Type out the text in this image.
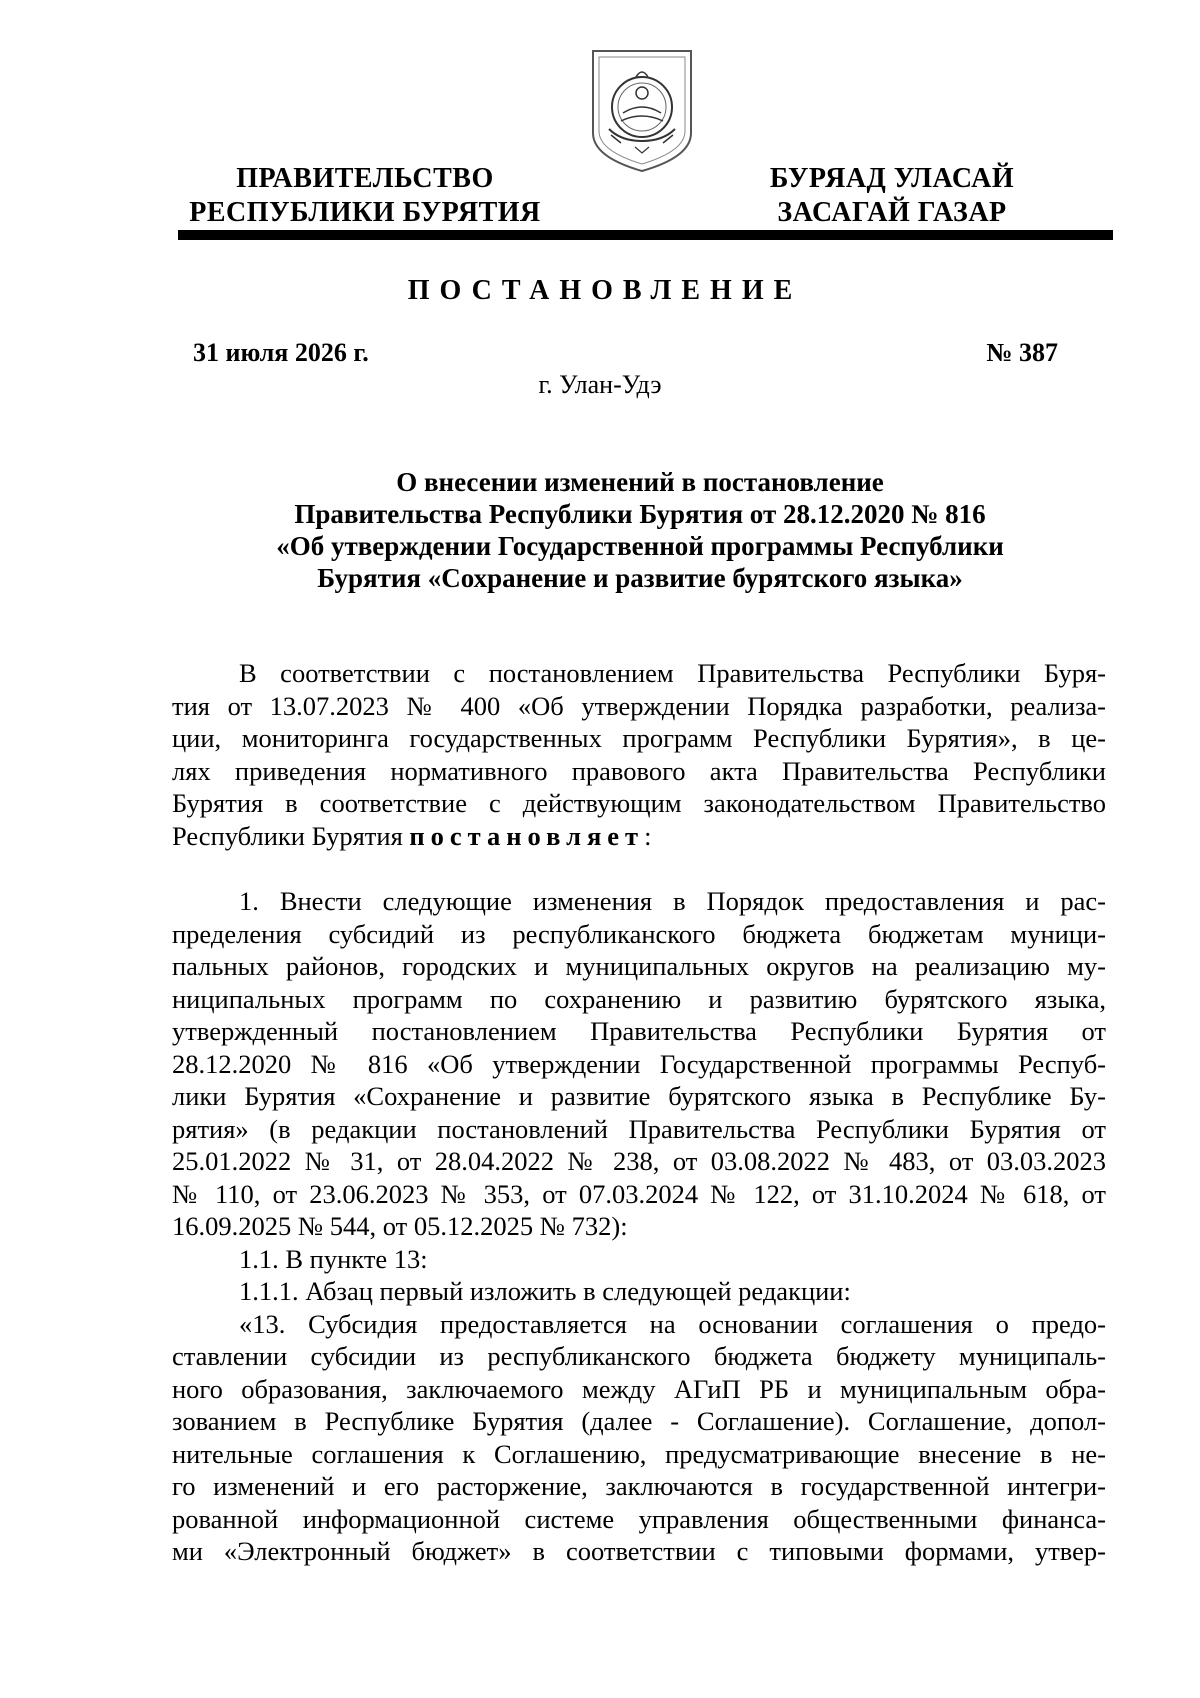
ПРАВИТЕЛЬСТВО
РЕСПУБЛИКИ БУРЯТИЯ
БУРЯАД УЛАСАЙ
ЗАСАГАЙ ГАЗАР
ПОСТАНОВЛЕНИЕ
31 июля 2026 г.	№ 387
г. Улан-Удэ
О внесении изменений в постановление
Правительства Республики Бурятия от 28.12.2020 № 816
«Об утверждении Государственной программы Республики
Бурятия «Сохранение и развитие бурятского языка»
В соответствии с постановлением Правительства Республики Буря-
тия от 13.07.2023 № 400 «Об утверждении Порядка разработки, реализа-
ции, мониторинга государственных программ Республики Бурятия», в це-
лях приведения нормативного правового акта Правительства Республики
Бурятия в соответствие с действующим законодательством Правительство
Республики Бурятия постановляет:
1. Внести следующие изменения в Порядок предоставления и рас-
пределения субсидий из республиканского бюджета бюджетам муници-
пальных районов, городских и муниципальных округов на реализацию му-
ниципальных программ по сохранению и развитию бурятского языка,
утвержденный постановлением Правительства Республики Бурятия от
28.12.2020 № 816 «Об утверждении Государственной программы Респуб-
лики Бурятия «Сохранение и развитие бурятского языка в Республике Бу-
рятия» (в редакции постановлений Правительства Республики Бурятия от
25.01.2022 № 31, от 28.04.2022 № 238, от 03.08.2022 № 483, от 03.03.2023
№ 110, от 23.06.2023 № 353, от 07.03.2024 № 122, от 31.10.2024 № 618, от
16.09.2025 № 544, от 05.12.2025 № 732):
1.1. В пункте 13:
1.1.1. Абзац первый изложить в следующей редакции:
«13. Субсидия предоставляется на основании соглашения о предо-
ставлении субсидии из республиканского бюджета бюджету муниципаль-
ного образования, заключаемого между АГиП РБ и муниципальным обра-
зованием в Республике Бурятия (далее - Соглашение). Соглашение, допол-
нительные соглашения к Соглашению, предусматривающие внесение в не-
го изменений и его расторжение, заключаются в государственной интегри-
рованной информационной системе управления общественными финанса-
ми «Электронный бюджет» в соответствии с типовыми формами, утвер-
